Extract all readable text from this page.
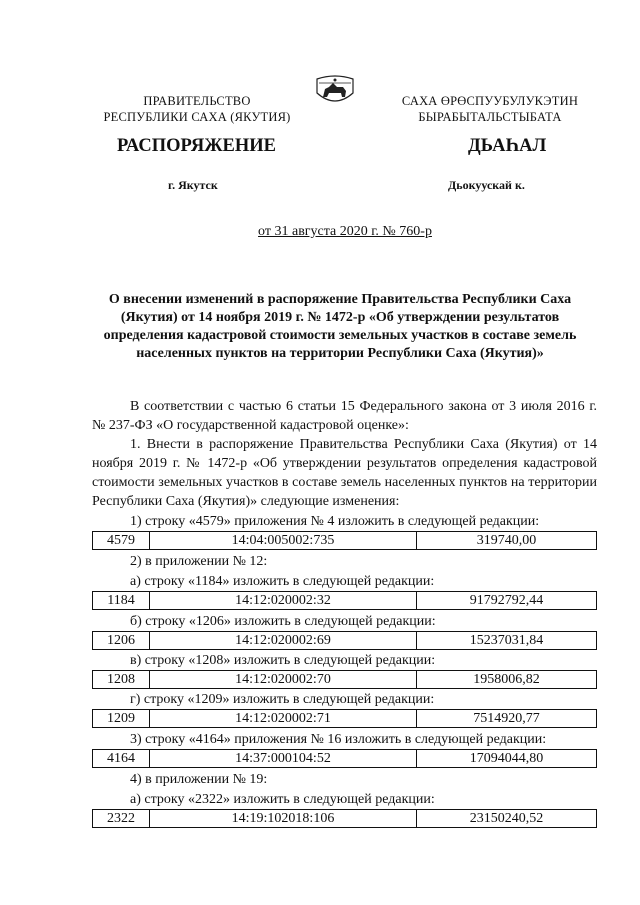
ПРАВИТЕЛЬСТВО
РЕСПУБЛИКИ САХА (ЯКУТИЯ)
САХА ӨРӨСПУУБУЛУКЭТИН
БЫРАБЫТАЛЬСТЫБАТА
РАСПОРЯЖЕНИЕ	ДЬАҺАЛ
г. Якутск	Дьокуускай к.
от 31 августа 2020 г. № 760-р
О внесении изменений в распоряжение Правительства Республики Саха (Якутия) от 14 ноября 2019 г. № 1472-р «Об утверждении результатов определения кадастровой стоимости земельных участков в составе земель населенных пунктов на территории Республики Саха (Якутия)»
В соответствии с частью 6 статьи 15 Федерального закона от 3 июля 2016 г. № 237-ФЗ «О государственной кадастровой оценке»:
1. Внести в распоряжение Правительства Республики Саха (Якутия) от 14 ноября 2019 г. № 1472-р «Об утверждении результатов определения кадастровой стоимости земельных участков в составе земель населенных пунктов на территории Республики Саха (Якутия)» следующие изменения:
1) строку «4579» приложения № 4 изложить в следующей редакции:
4579	14:04:005002:735	319740,00
2) в приложении № 12:
а) строку «1184» изложить в следующей редакции:
1184	14:12:020002:32	91792792,44
б) строку «1206» изложить в следующей редакции:
1206	14:12:020002:69	15237031,84
в) строку «1208» изложить в следующей редакции:
1208	14:12:020002:70	1958006,82
г) строку «1209» изложить в следующей редакции:
1209	14:12:020002:71	7514920,77
3) строку «4164» приложения № 16 изложить в следующей редакции:
4164	14:37:000104:52	17094044,80
4) в приложении № 19:
а) строку «2322» изложить в следующей редакции:
2322	14:19:102018:106	23150240,52
